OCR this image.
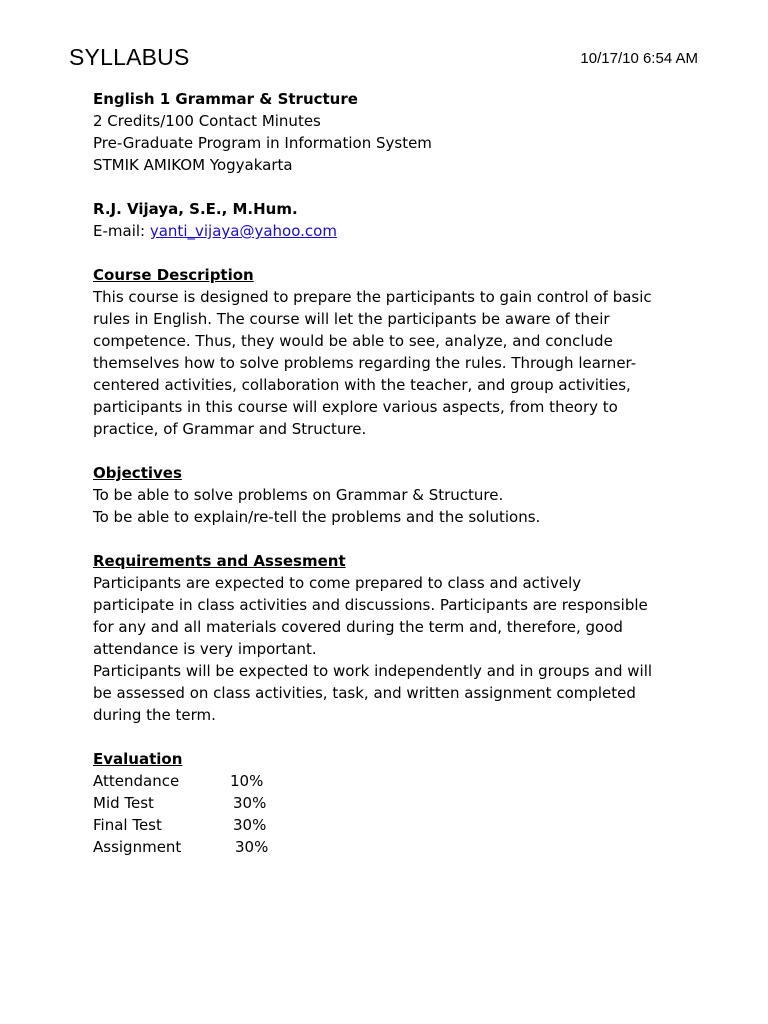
SYLLABUS	10/17/10 6:54 AM
English 1 Grammar & Structure
2 Credits/100 Contact Minutes
Pre-Graduate Program in Information System
STMIK AMIKOM Yogyakarta
R.J. Vijaya, S.E., M.Hum.
E-mail: yanti_vijaya@yahoo.com
Course Description
This course is designed to prepare the participants to gain control of basic
rules in English. The course will let the participants be aware of their
competence. Thus, they would be able to see, analyze, and conclude
themselves how to solve problems regarding the rules. Through learner-
centered activities, collaboration with the teacher, and group activities,
participants in this course will explore various aspects, from theory to
practice, of Grammar and Structure.
Objectives
To be able to solve problems on Grammar & Structure.
To be able to explain/re-tell the problems and the solutions.
Requirements and Assesment
Participants are expected to come prepared to class and actively
participate in class activities and discussions. Participants are responsible
for any and all materials covered during the term and, therefore, good
attendance is very important.
Participants will be expected to work independently and in groups and will
be assessed on class activities, task, and written assignment completed
during the term.
Evaluation
Attendance	10%
Mid Test	30%
Final Test	30%
Assignment	30%
